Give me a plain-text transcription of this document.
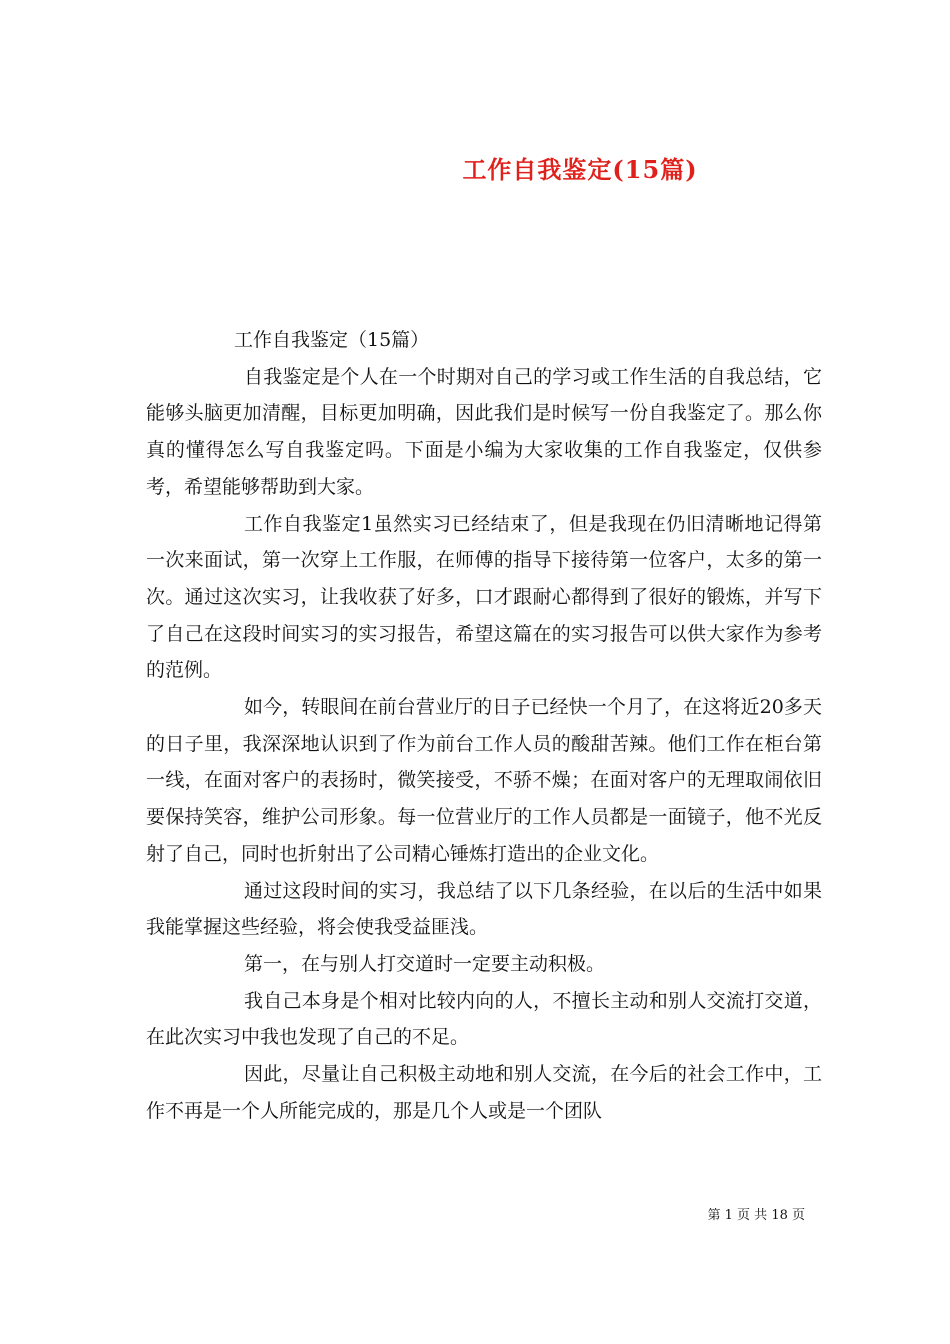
工作自我鉴定(15篇)

工作自我鉴定（15篇）

自我鉴定是个人在一个时期对自己的学习或工作生活的自我总结，它能够头脑更加清醒，目标更加明确，因此我们是时候写一份自我鉴定了。那么你真的懂得怎么写自我鉴定吗。下面是小编为大家收集的工作自我鉴定，仅供参考，希望能够帮助到大家。

工作自我鉴定1虽然实习已经结束了，但是我现在仍旧清晰地记得第一次来面试，第一次穿上工作服，在师傅的指导下接待第一位客户，太多的第一次。通过这次实习，让我收获了好多，口才跟耐心都得到了很好的锻炼，并写下了自己在这段时间实习的实习报告，希望这篇在的实习报告可以供大家作为参考的范例。

如今，转眼间在前台营业厅的日子已经快一个月了，在这将近20多天的日子里，我深深地认识到了作为前台工作人员的酸甜苦辣。他们工作在柜台第一线，在面对客户的表扬时，微笑接受，不骄不燥；在面对客户的无理取闹依旧要保持笑容，维护公司形象。每一位营业厅的工作人员都是一面镜子，他不光反射了自己，同时也折射出了公司精心锤炼打造出的企业文化。

通过这段时间的实习，我总结了以下几条经验，在以后的生活中如果我能掌握这些经验，将会使我受益匪浅。

第一，在与别人打交道时一定要主动积极。

我自己本身是个相对比较内向的人，不擅长主动和别人交流打交道，在此次实习中我也发现了自己的不足。

因此，尽量让自己积极主动地和别人交流，在今后的社会工作中，工作不再是一个人所能完成的，那是几个人或是一个团队

第 1 页 共 18 页
